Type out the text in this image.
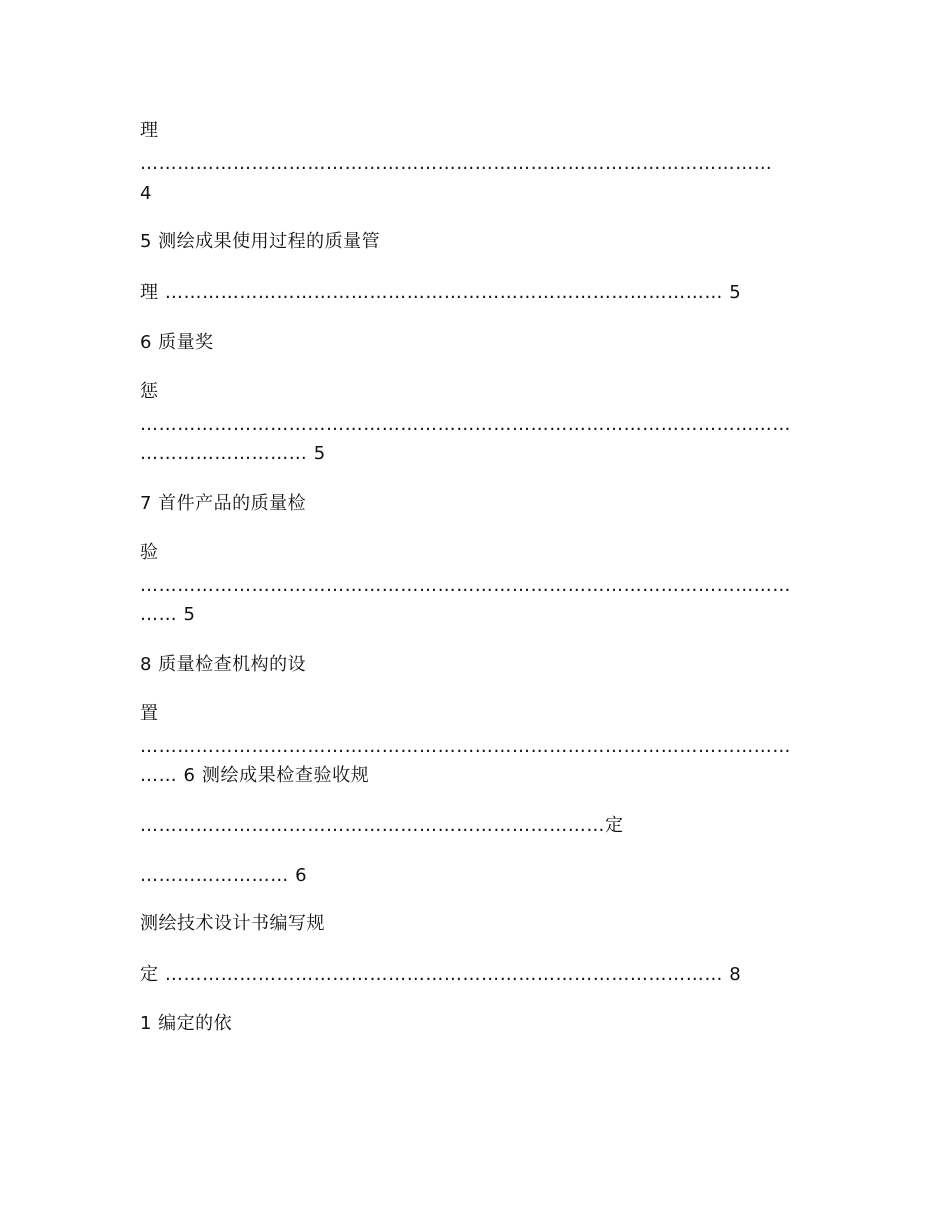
理
…………………………………………………………………………………………
4
5 测绘成果使用过程的质量管
理 ……………………………………………………………………………… 5
6 质量奖
惩
……………………………………………………………………………………………
……………………… 5
7 首件产品的质量检
验
……………………………………………………………………………………………
…… 5
8 质量检查机构的设
置
……………………………………………………………………………………………
…… 6 测绘成果检查验收规
…………………………………………………………………定
…………………… 6
测绘技术设计书编写规
定 ……………………………………………………………………………… 8
1 编定的依
